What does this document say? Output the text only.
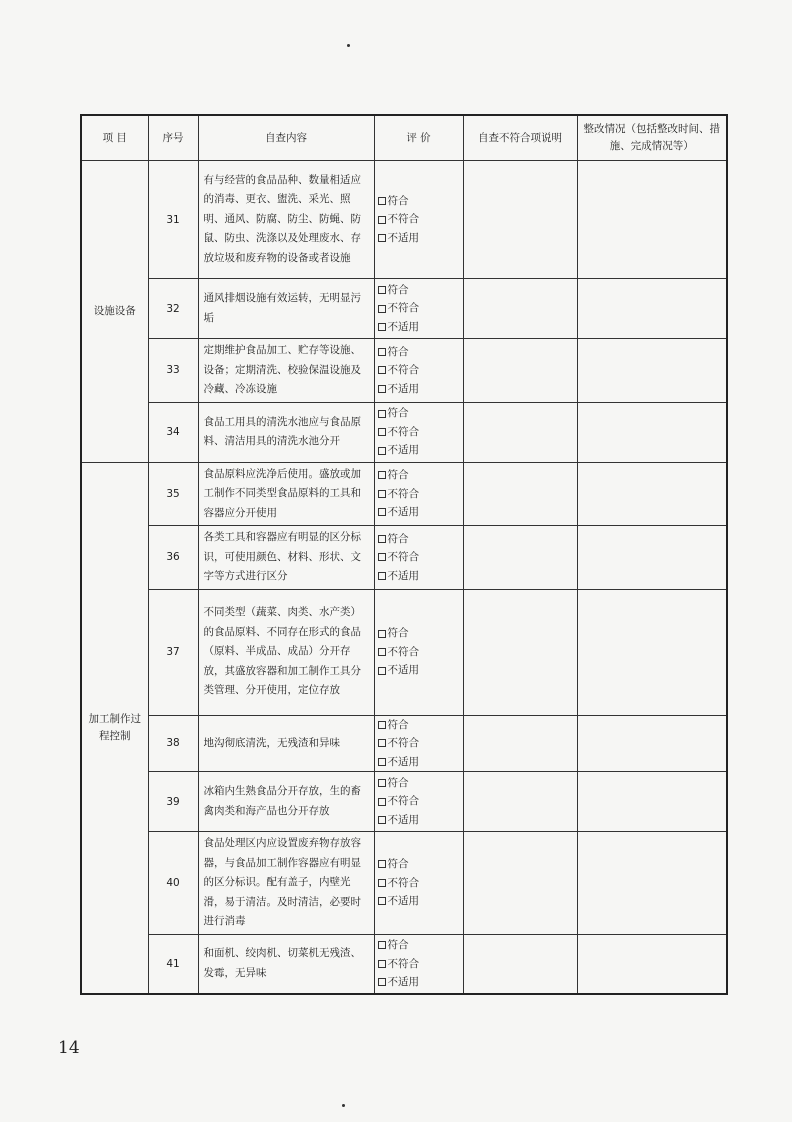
项 目	序号	自查内容	评 价	自查不符合项说明	整改情况（包括整改时间、措施、完成情况等）
设施设备	31	有与经营的食品品种、数量相适应的消毒、更衣、盥洗、采光、照明、通风、防腐、防尘、防蝇、防鼠、防虫、洗涤以及处理废水、存放垃圾和废弃物的设备或者设施	符合
不符合
不适用		

	32	通风排烟设施有效运转，无明显污垢	符合
不符合
不适用		

	33	定期维护食品加工、贮存等设施、设备；定期清洗、校验保温设施及冷藏、冷冻设施	符合
不符合
不适用		

	34	食品工用具的清洗水池应与食品原料、清洁用具的清洗水池分开	符合
不符合
不适用		

加工制作过程控制	35	食品原料应洗净后使用。盛放或加工制作不同类型食品原料的工具和容器应分开使用	符合
不符合
不适用		

	36	各类工具和容器应有明显的区分标识，可使用颜色、材料、形状、文字等方式进行区分	符合
不符合
不适用		

	37	不同类型（蔬菜、肉类、水产类）的食品原料、不同存在形式的食品（原料、半成品、成品）分开存放，其盛放容器和加工制作工具分类管理、分开使用，定位存放	符合
不符合
不适用		

	38	地沟彻底清洗，无残渣和异味	符合
不符合
不适用		

	39	冰箱内生熟食品分开存放，生的畜禽肉类和海产品也分开存放	符合
不符合
不适用		

	40	食品处理区内应设置废弃物存放容器，与食品加工制作容器应有明显的区分标识。配有盖子，内壁光滑，易于清洁。及时清洁，必要时进行消毒	符合
不符合
不适用		

	41	和面机、绞肉机、切菜机无残渣、发霉，无异味	符合
不符合
不适用		

14
